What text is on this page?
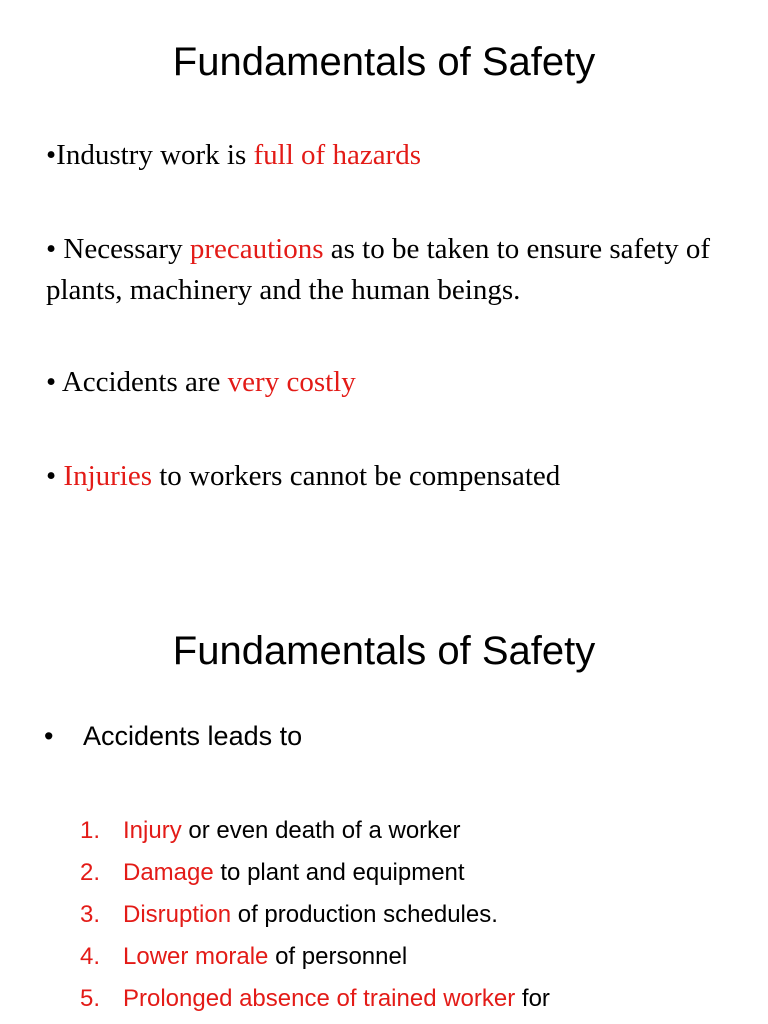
Fundamentals of Safety

•Industry work is full of hazards

• Necessary precautions as to be taken to ensure safety of plants, machinery and the human beings.

• Accidents are very costly

• Injuries to workers cannot be compensated

Fundamentals of Safety

• Accidents leads to

1. Injury or even death of a worker
2. Damage to plant and equipment
3. Disruption of production schedules.
4. Lower morale of personnel
5. Prolonged absence of trained worker for
